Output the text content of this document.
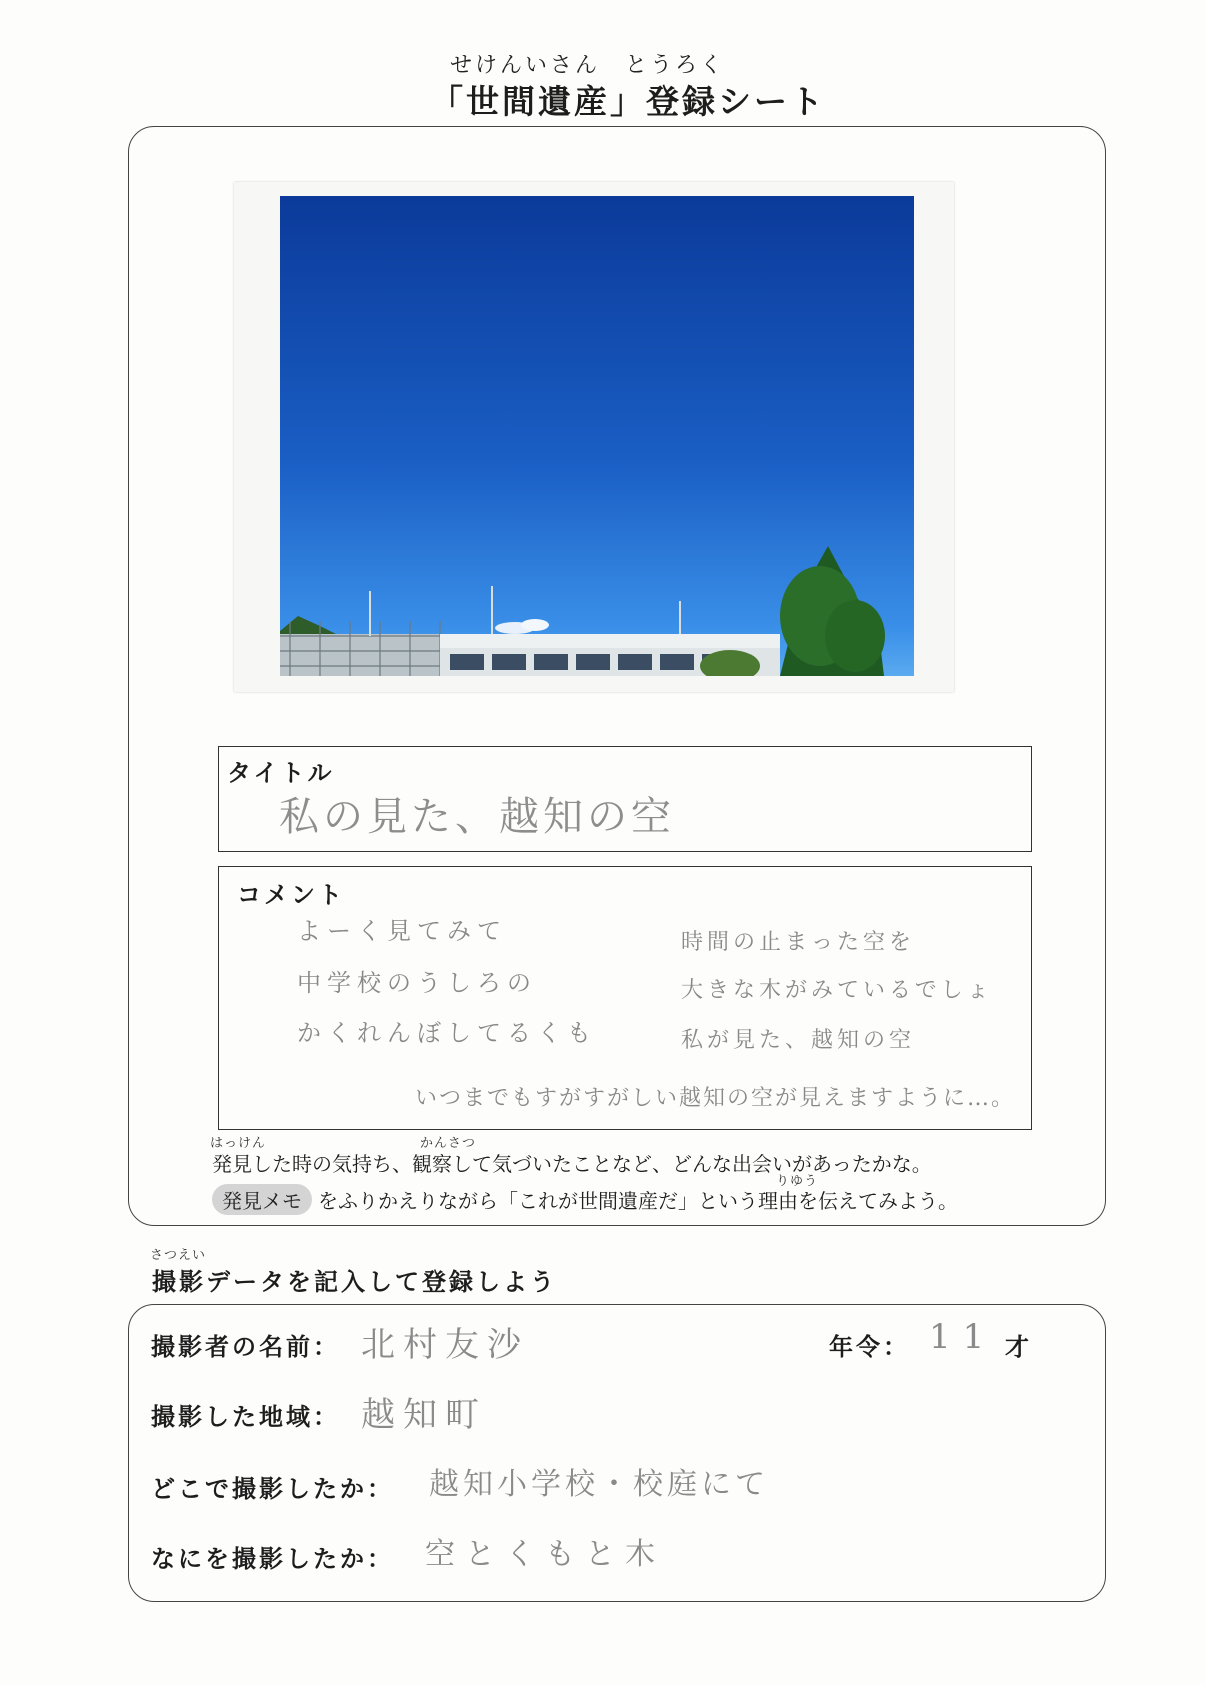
せけんいさん　とうろく
「世間遺産」登録シート
タイトル
私の見た、越知の空
コメント
よーく見てみて
中学校のうしろの
かくれんぼしてるくも
時間の止まった空を
大きな木がみているでしょ
私が見た、越知の空
いつまでもすがすがしい越知の空が見えますように…。
はっけん	かんさつ
発見した時の気持ち、観察して気づいたことなど、どんな出会いがあったかな。
りゆう
発見メモ をふりかえりながら「これが世間遺産だ」という理由を伝えてみよう。
さつえい
撮影データを記入して登録しよう
撮影者の名前： 北村友沙	年令： 11 才
撮影した地域： 越知町
どこで撮影したか： 越知小学校・校庭にて
なにを撮影したか： 空とくもと木
